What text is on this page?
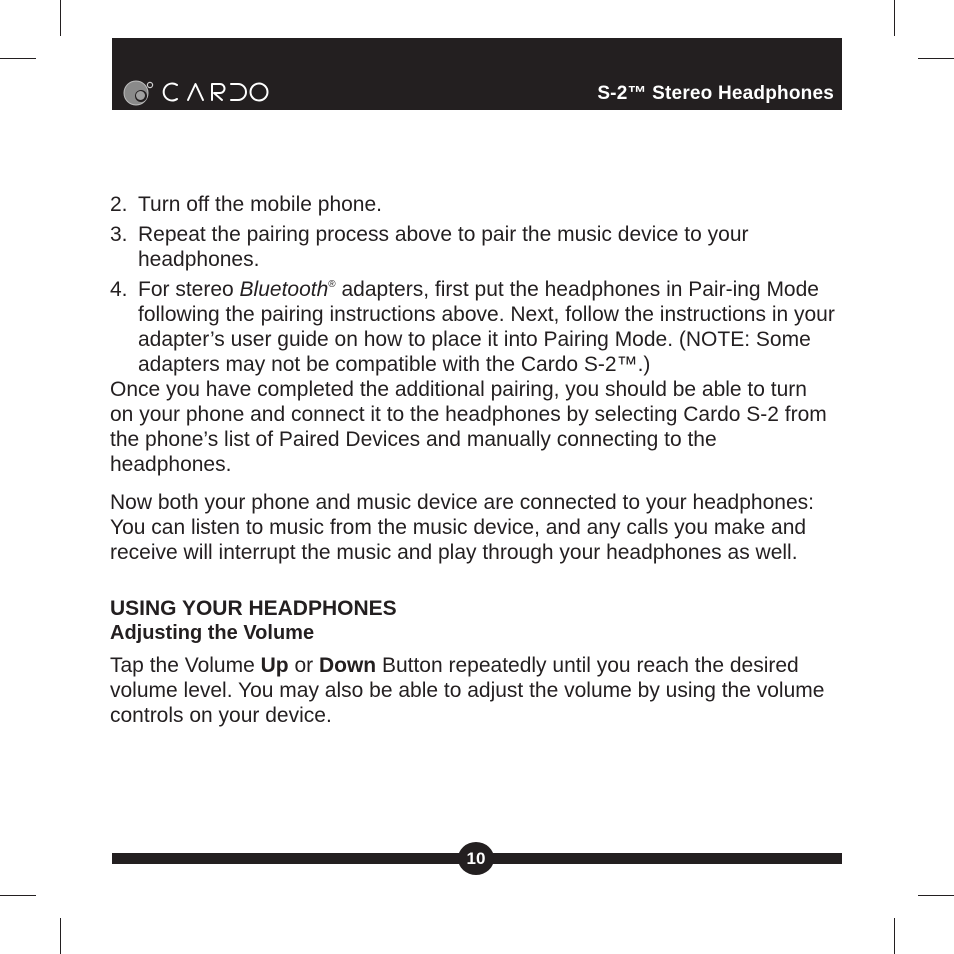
S-2™ Stereo Headphones
2. Turn off the mobile phone.
3. Repeat the pairing process above to pair the music device to your headphones.
4. For stereo Bluetooth® adapters, first put the headphones in Pair-ing Mode following the pairing instructions above. Next, follow the instructions in your adapter’s user guide on how to place it into Pairing Mode. (NOTE: Some adapters may not be compatible with the Cardo S-2™.)

Once you have completed the additional pairing, you should be able to turn on your phone and connect it to the headphones by selecting Cardo S-2 from the phone’s list of Paired Devices and manually connecting to the headphones.

Now both your phone and music device are connected to your headphones: You can listen to music from the music device, and any calls you make and receive will interrupt the music and play through your headphones as well.

USING YOUR HEADPHONES
Adjusting the Volume

Tap the Volume Up or Down Button repeatedly until you reach the desired volume level. You may also be able to adjust the volume by using the volume controls on your device.

10
